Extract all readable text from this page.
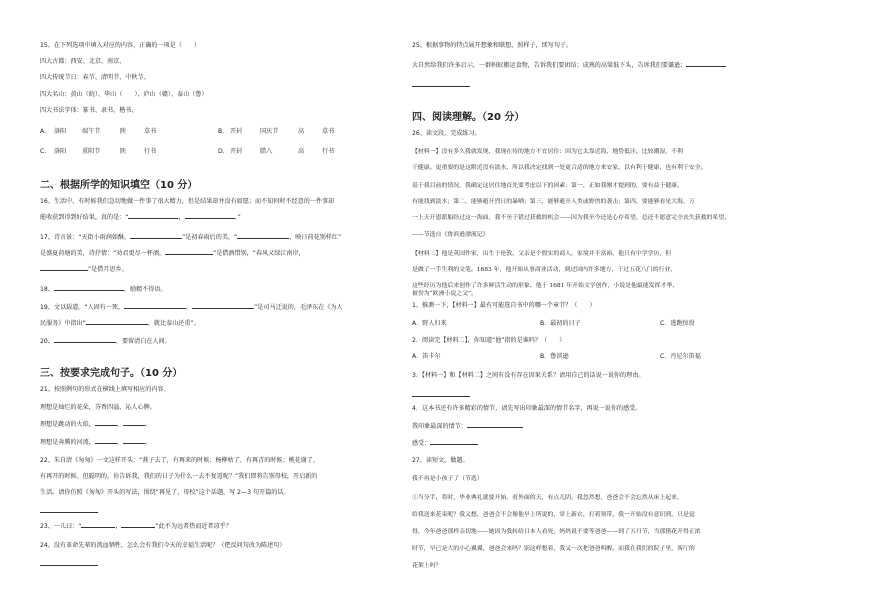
15、在下列选项中填入对应的内容，正确的一项是（　　）
四大古都：西安、北京、南京、
四大传统节日：春节、清明节、中秋节、
四大名山：黄山（皖）、华山（　　）、庐山（赣）、泰山（鲁）
四大书法字体：篆书、隶书、楷书、
A. 洛阳	端午节	陕	草书	B. 开封	国庆节	高	草书
C. 洛阳	重阳节	陕	行书	D. 开封	腊八	高	行书
二、根据所学的知识填空（10 分）
16、生活中，有时候我们急切地做一件事了很大精力，但是结果却并没有如愿；而不知何时不经意的一件事却
能收获到得到好结果，真的是：“	，	。”
17、诗言景：“天街小雨润如酥，	”是初春雨后的美，“	，映日荷花别样红”
是盛夏荷塘的美，诗抒情：“劝君更尽一杯酒，	”是借酒惜别，“春风又绿江南岸，
”是借月思乡。
18、	，励精不得语。
19、文以载道。“人固有一死，	，	”是司马迁说的，毛泽东在《为人
民服务》中指出“	，就比泰山还重”。
20、	，要留清白在人间。
三、按要求完成句子。（10 分）
21、按照例句的形式在横线上填写相应的内容。
理想是灿烂的花朵，芬香四溢，沁人心脾。
理想是跳动的火焰，	，	。
理想是奔腾的河流，	，	。
22、朱自清《匆匆》一文这样开头：“燕子去了，有再来的时候；杨柳枯了，有再青的时候；桃花谢了，
有再开的时候。但聪明的，你告诉我，我们的日子为什么一去不复返呢？”我们即将告别母校，开启新的
生活。请你仿照《匆匆》开头的写法，围绕“再见了，母校”这个话题，写 2—3 句开篇的话。
23、一儿曰：“	，	”此不为远者热而近者凉乎？
24、没有革命先辈的流血牺牲，怎么会有我们今天的幸福生活呢？（把反问句改为陈述句）
25、根据事物的特点展开想象和联想，照样子，续写句子。
大自然给我们许多启示，一群蚂蚁搬运食物，告诉我们要团结；成熟的高粱低下头，告诉我们要谦逊；
四、阅读理解。（20 分）
26、读文段，完成练习。
【材料一】没有多久我就发现，我现在待的地方不宜居住：因为它太靠近海，地势低洼，比较潮湿，不利
于健康。更重要的是这附近没有淡水，所以我决定找到一处更合适的地方来安家，以有利于健康，也有利于安全。
基于我目前的情况，我确定这居住地首先要考虑以下的因素：第一，正如我刚才提到的，要有益于健康，
有能找到淡水；第二，能够避开烈日的暴晒；第三，能够避开人类或野兽的袭击；第四，要能够看见大海，万
一上天开恩派船经过这一海面，我不至于错过获救的机会——因为我至今还是心存希望，总还不愿意完全丧失获救的希望。
——节选自《鲁滨逊漂流记》
【材料二】他是英国作家，出生于伦敦，父亲是个殷实的商人，家境并不富裕，他只有中学学历，但
是做了一手生利的文笔。1683 年，他开始从事商业活动，到过国内许多地方，干过五花八门的行业，
这些经历为他后来创作了许多鲜活生动的形象。他于 1681 年开始文学创作，小说是他最能发挥才华、
被誉为“欧洲小说之父”。
1、推测一下，【材料一】最有可能选自书中的哪一个章节？（　　）
A．野人归来	B．最初的日子	C．逃跑惊役
2．阅读完【材料二】，你知道“他”指的是谁吗？（　　）
A．笛卡尔	B．鲁滨逊	C．丹尼尔笛福
3．【材料一】和【材料二】之间有没有存在因果关系？请用自己的话说一说你的理由。
4．这本书还有许多精彩的情节，请先写出印象最深的情节名字，再说一说你的感受。
我印象最深的情节：
感受：
27、读短文，做题。
我不再是小孩子了（节选）
①当分手，将时，毕业典礼就要开始，看外面的天，有点儿阴。我忽然想，爸爸会不会忘然从床上起来，
给我送来花束呢？我又想，爸爸会不会像他早上所说的，穿上新衣，打着领带，我一开始没有意识到，只是觉
得，今年爸爸那样亲切地——她因为我转给日本人看死，妈妈说不要等爸爸——到了五月节，当那猪花开得正浓
时节，早已是大的小心翼翼，爸爸会来吗？别这样想着，我又一次把爸爸叫醒。而我在我们的院子里，客厅的
花架上吗？
